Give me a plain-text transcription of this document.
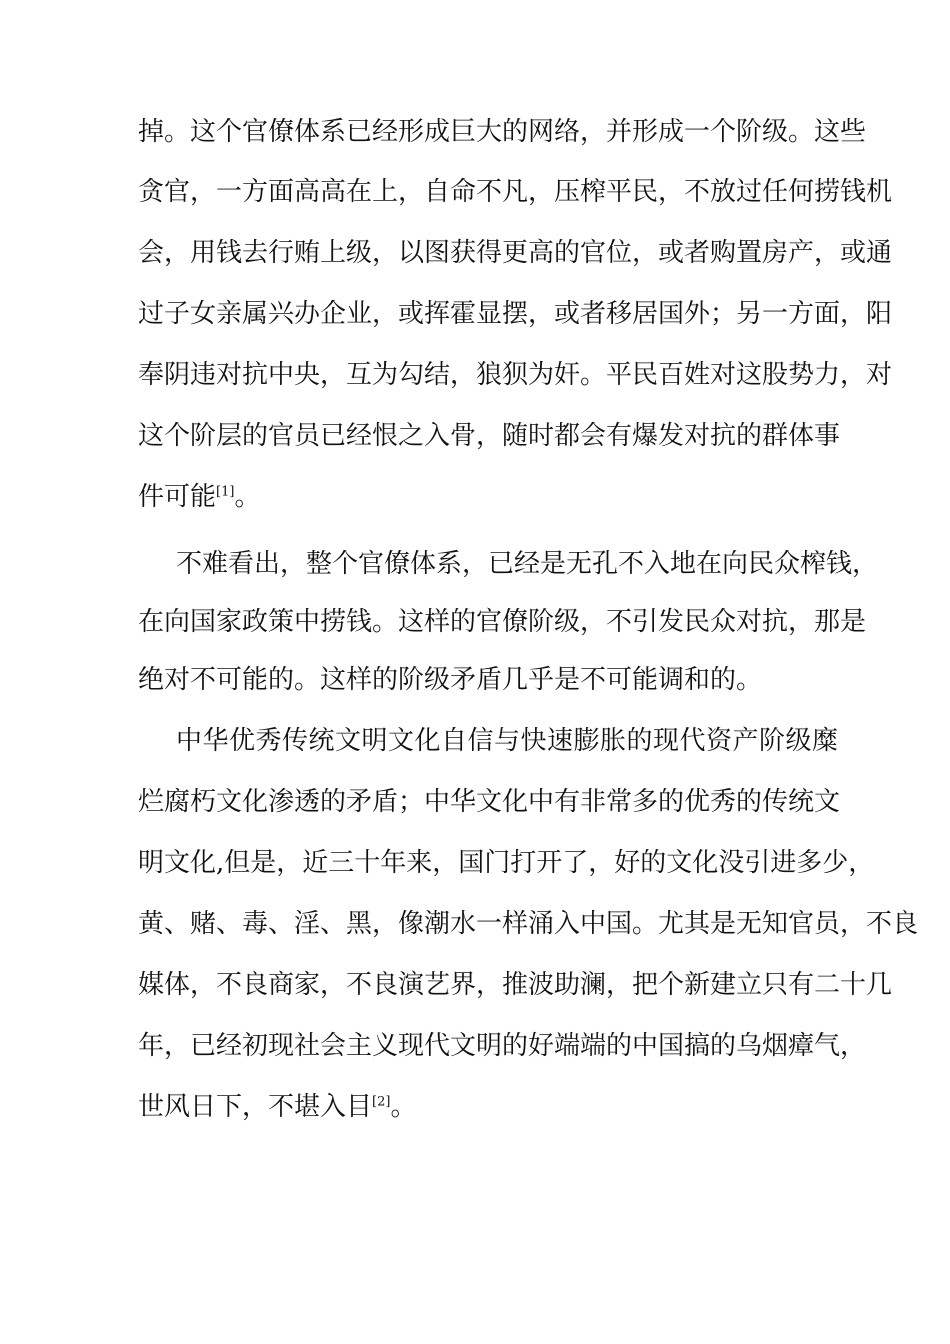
掉。这个官僚体系已经形成巨大的网络，并形成一个阶级。这些
贪官，一方面高高在上，自命不凡，压榨平民，不放过任何捞钱机
会，用钱去行贿上级，以图获得更高的官位，或者购置房产，或通
过子女亲属兴办企业，或挥霍显摆，或者移居国外；另一方面，阳
奉阴违对抗中央，互为勾结，狼狈为奸。平民百姓对这股势力，对
这个阶层的官员已经恨之入骨，随时都会有爆发对抗的群体事
件可能[1]。
不难看出，整个官僚体系，已经是无孔不入地在向民众榨钱，
在向国家政策中捞钱。这样的官僚阶级，不引发民众对抗，那是
绝对不可能的。这样的阶级矛盾几乎是不可能调和的。
中华优秀传统文明文化自信与快速膨胀的现代资产阶级糜
烂腐朽文化渗透的矛盾；中华文化中有非常多的优秀的传统文
明文化,但是，近三十年来，国门打开了，好的文化没引进多少，
黄、赌、毒、淫、黑，像潮水一样涌入中国。尤其是无知官员，不良
媒体，不良商家，不良演艺界，推波助澜，把个新建立只有二十几
年，已经初现社会主义现代文明的好端端的中国搞的乌烟瘴气，
世风日下，不堪入目[2]。
